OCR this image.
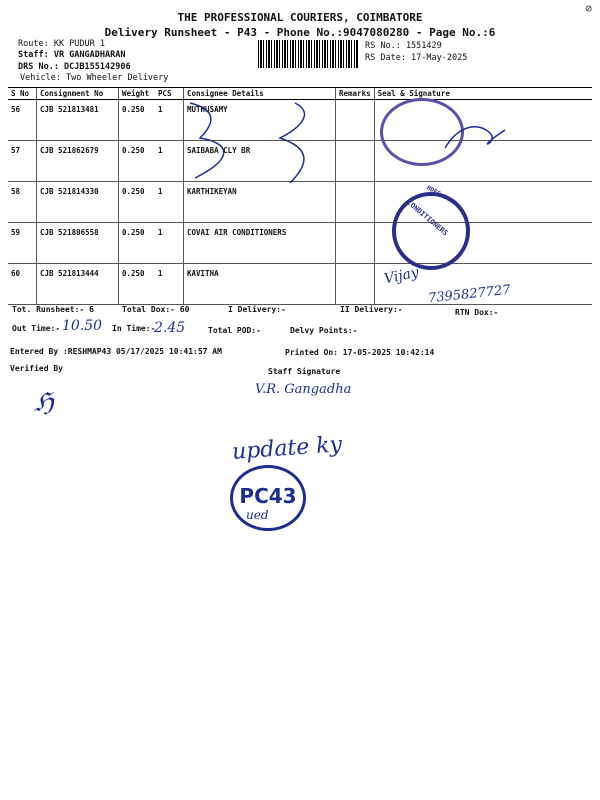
⊘
THE PROFESSIONAL COURIERS, COIMBATORE
Delivery Runsheet - P43 - Phone No.:9047080280 - Page No.:6
Route: KK PUDUR 1
Staff: VR GANGADHARAN
DRS No.: DCJB155142906
Vehicle: Two Wheeler Delivery
RS No.: 1551429
RS Date: 17-May-2025
S No	Consignment No	Weight	PCS	Consignee Details	Remarks	Seal & Signature
56	CJB 521813481	0.250	1	MUTHUSAMY		
57	CJB 521862679	0.250	1	SAIBABA CLY BR		
58	CJB 521814330	0.250	1	KARTHIKEYAN		
59	CJB 521806558	0.250	1	COVAI AIR CONDITIONERS		
60	CJB 521813444	0.250	1	KAVITHA		
CONDITIONERS
HDFC BANK
Vijay
7395827727
Tot. Runsheet:- 6	Total Dox:- 60	I Delivery:-	II Delivery:-	RTN Dox:-
Out Time:- 10.50 In Time:-
2.45	Total POD:-	Delvy Points:-
Entered By :RESHMAP43 05/17/2025 10:41:57 AM	Printed On: 17-05-2025 10:42:14
Verified By	Staff Signature
ℌ	V.R. Gangadha
update ky
PC43
ued
